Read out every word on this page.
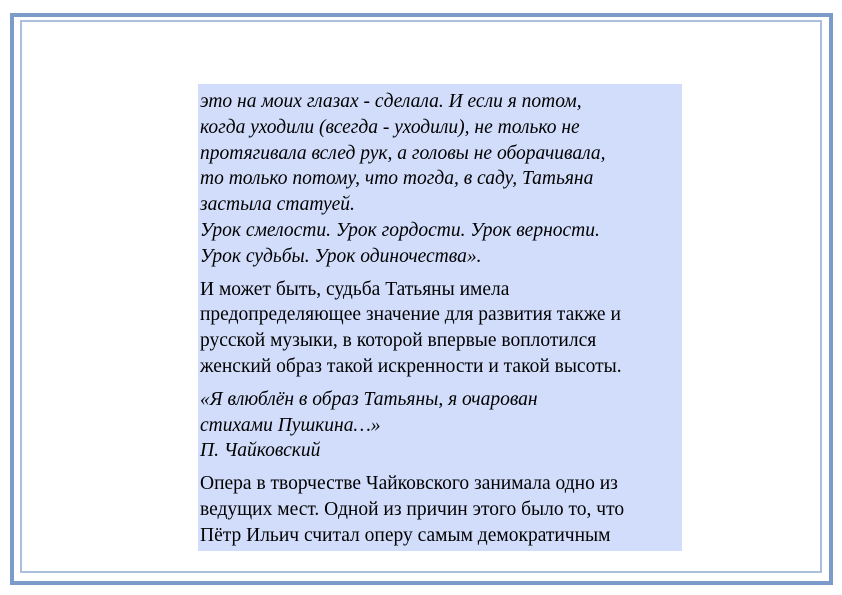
это на моих глазах - сделала. И если я потом,

когда уходили (всегда - уходили), не только не

протягивала вслед рук, а головы не оборачивала,

то только потому, что тогда, в саду, Татьяна

застыла статуей.

Урок смелости. Урок гордости. Урок верности.

Урок судьбы. Урок одиночества».

И может быть, судьба Татьяны имела

предопределяющее значение для развития также и

русской музыки, в которой впервые воплотился

женский образ такой искренности и такой высоты.

«Я влюблён в образ Татьяны, я очарован

стихами Пушкина…»

П. Чайковский

Опера в творчестве Чайковского занимала одно из

ведущих мест. Одной из причин этого было то, что

Пётр Ильич считал оперу самым демократичным
